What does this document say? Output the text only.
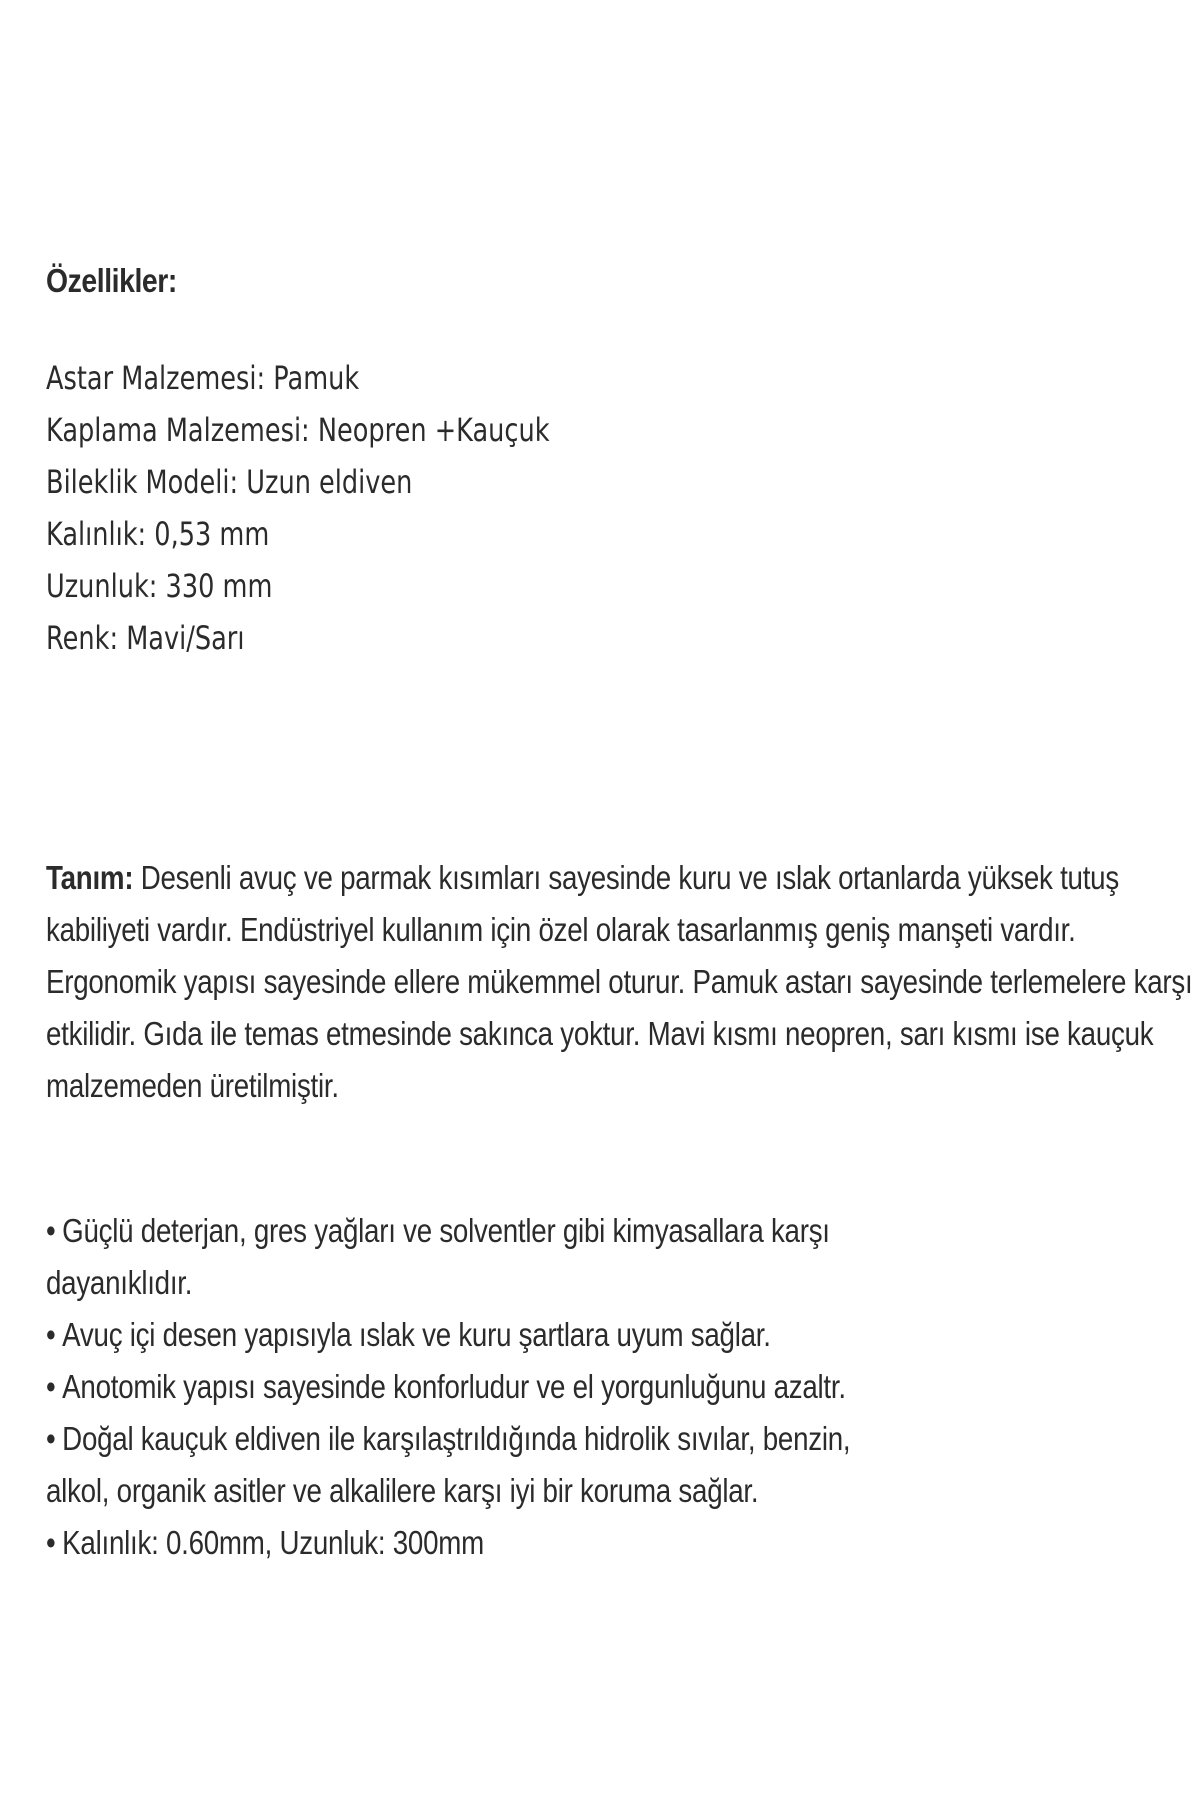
Özellikler:
Astar Malzemesi: Pamuk
Kaplama Malzemesi: Neopren +Kauçuk
Bileklik Modeli: Uzun eldiven
Kalınlık: 0,53 mm
Uzunluk: 330 mm
Renk: Mavi/Sarı

Tanım: Desenli avuç ve parmak kısımları sayesinde kuru ve ıslak ortanlarda yüksek tutuş
kabiliyeti vardır. Endüstriyel kullanım için özel olarak tasarlanmış geniş manşeti vardır.
Ergonomik yapısı sayesinde ellere mükemmel oturur. Pamuk astarı sayesinde terlemelere karşı
etkilidir. Gıda ile temas etmesinde sakınca yoktur. Mavi kısmı neopren, sarı kısmı ise kauçuk
malzemeden üretilmiştir.

• Güçlü deterjan, gres yağları ve solventler gibi kimyasallara karşı
dayanıklıdır.
• Avuç içi desen yapısıyla ıslak ve kuru şartlara uyum sağlar.
• Anotomik yapısı sayesinde konforludur ve el yorgunluğunu azaltr.
• Doğal kauçuk eldiven ile karşılaştrıldığında hidrolik sıvılar, benzin,
alkol, organik asitler ve alkalilere karşı iyi bir koruma sağlar.
• Kalınlık: 0.60mm, Uzunluk: 300mm
